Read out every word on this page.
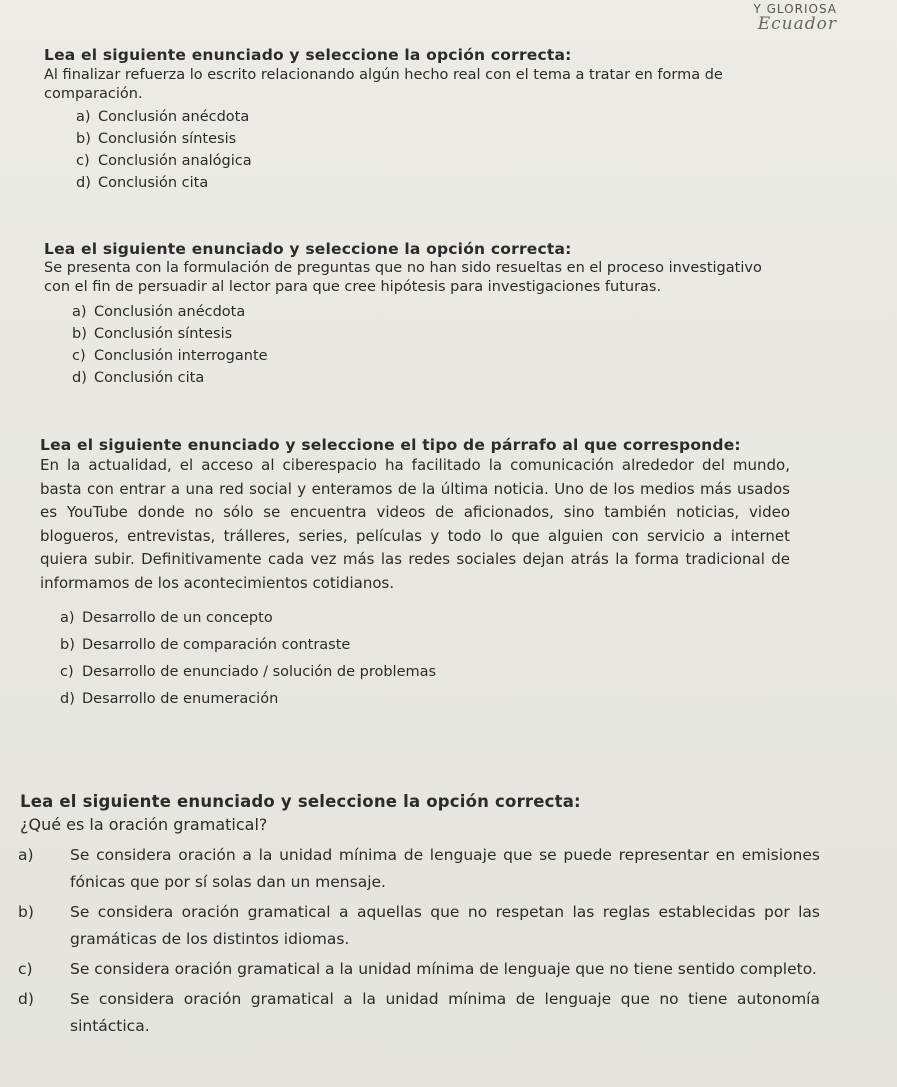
Y GLORIOSA
Ecuador
Lea el siguiente enunciado y seleccione la opción correcta:
Al finalizar refuerza lo escrito relacionando algún hecho real con el tema a tratar en forma de comparación.
a) Conclusión anécdota
b) Conclusión síntesis
c) Conclusión analógica
d) Conclusión cita
Lea el siguiente enunciado y seleccione la opción correcta:
Se presenta con la formulación de preguntas que no han sido resueltas en el proceso investigativo con el fin de persuadir al lector para que cree hipótesis para investigaciones futuras.
a) Conclusión anécdota
b) Conclusión síntesis
c) Conclusión interrogante
d) Conclusión cita
Lea el siguiente enunciado y seleccione el tipo de párrafo al que corresponde:
En la actualidad, el acceso al ciberespacio ha facilitado la comunicación alrededor del mundo, basta con entrar a una red social y enteramos de la última noticia. Uno de los medios más usados es YouTube donde no sólo se encuentra videos de aficionados, sino también noticias, video blogueros, entrevistas, trálleres, series, películas y todo lo que alguien con servicio a internet quiera subir. Definitivamente cada vez más las redes sociales dejan atrás la forma tradicional de informamos de los acontecimientos cotidianos.
a) Desarrollo de un concepto
b) Desarrollo de comparación contraste
c) Desarrollo de enunciado / solución de problemas
d) Desarrollo de enumeración
Lea el siguiente enunciado y seleccione la opción correcta:
¿Qué es la oración gramatical?
a) Se considera oración a la unidad mínima de lenguaje que se puede representar en emisiones fónicas que por sí solas dan un mensaje.
b) Se considera oración gramatical a aquellas que no respetan las reglas establecidas por las gramáticas de los distintos idiomas.
c) Se considera oración gramatical a la unidad mínima de lenguaje que no tiene sentido completo.
d) Se considera oración gramatical a la unidad mínima de lenguaje que no tiene autonomía sintáctica.
